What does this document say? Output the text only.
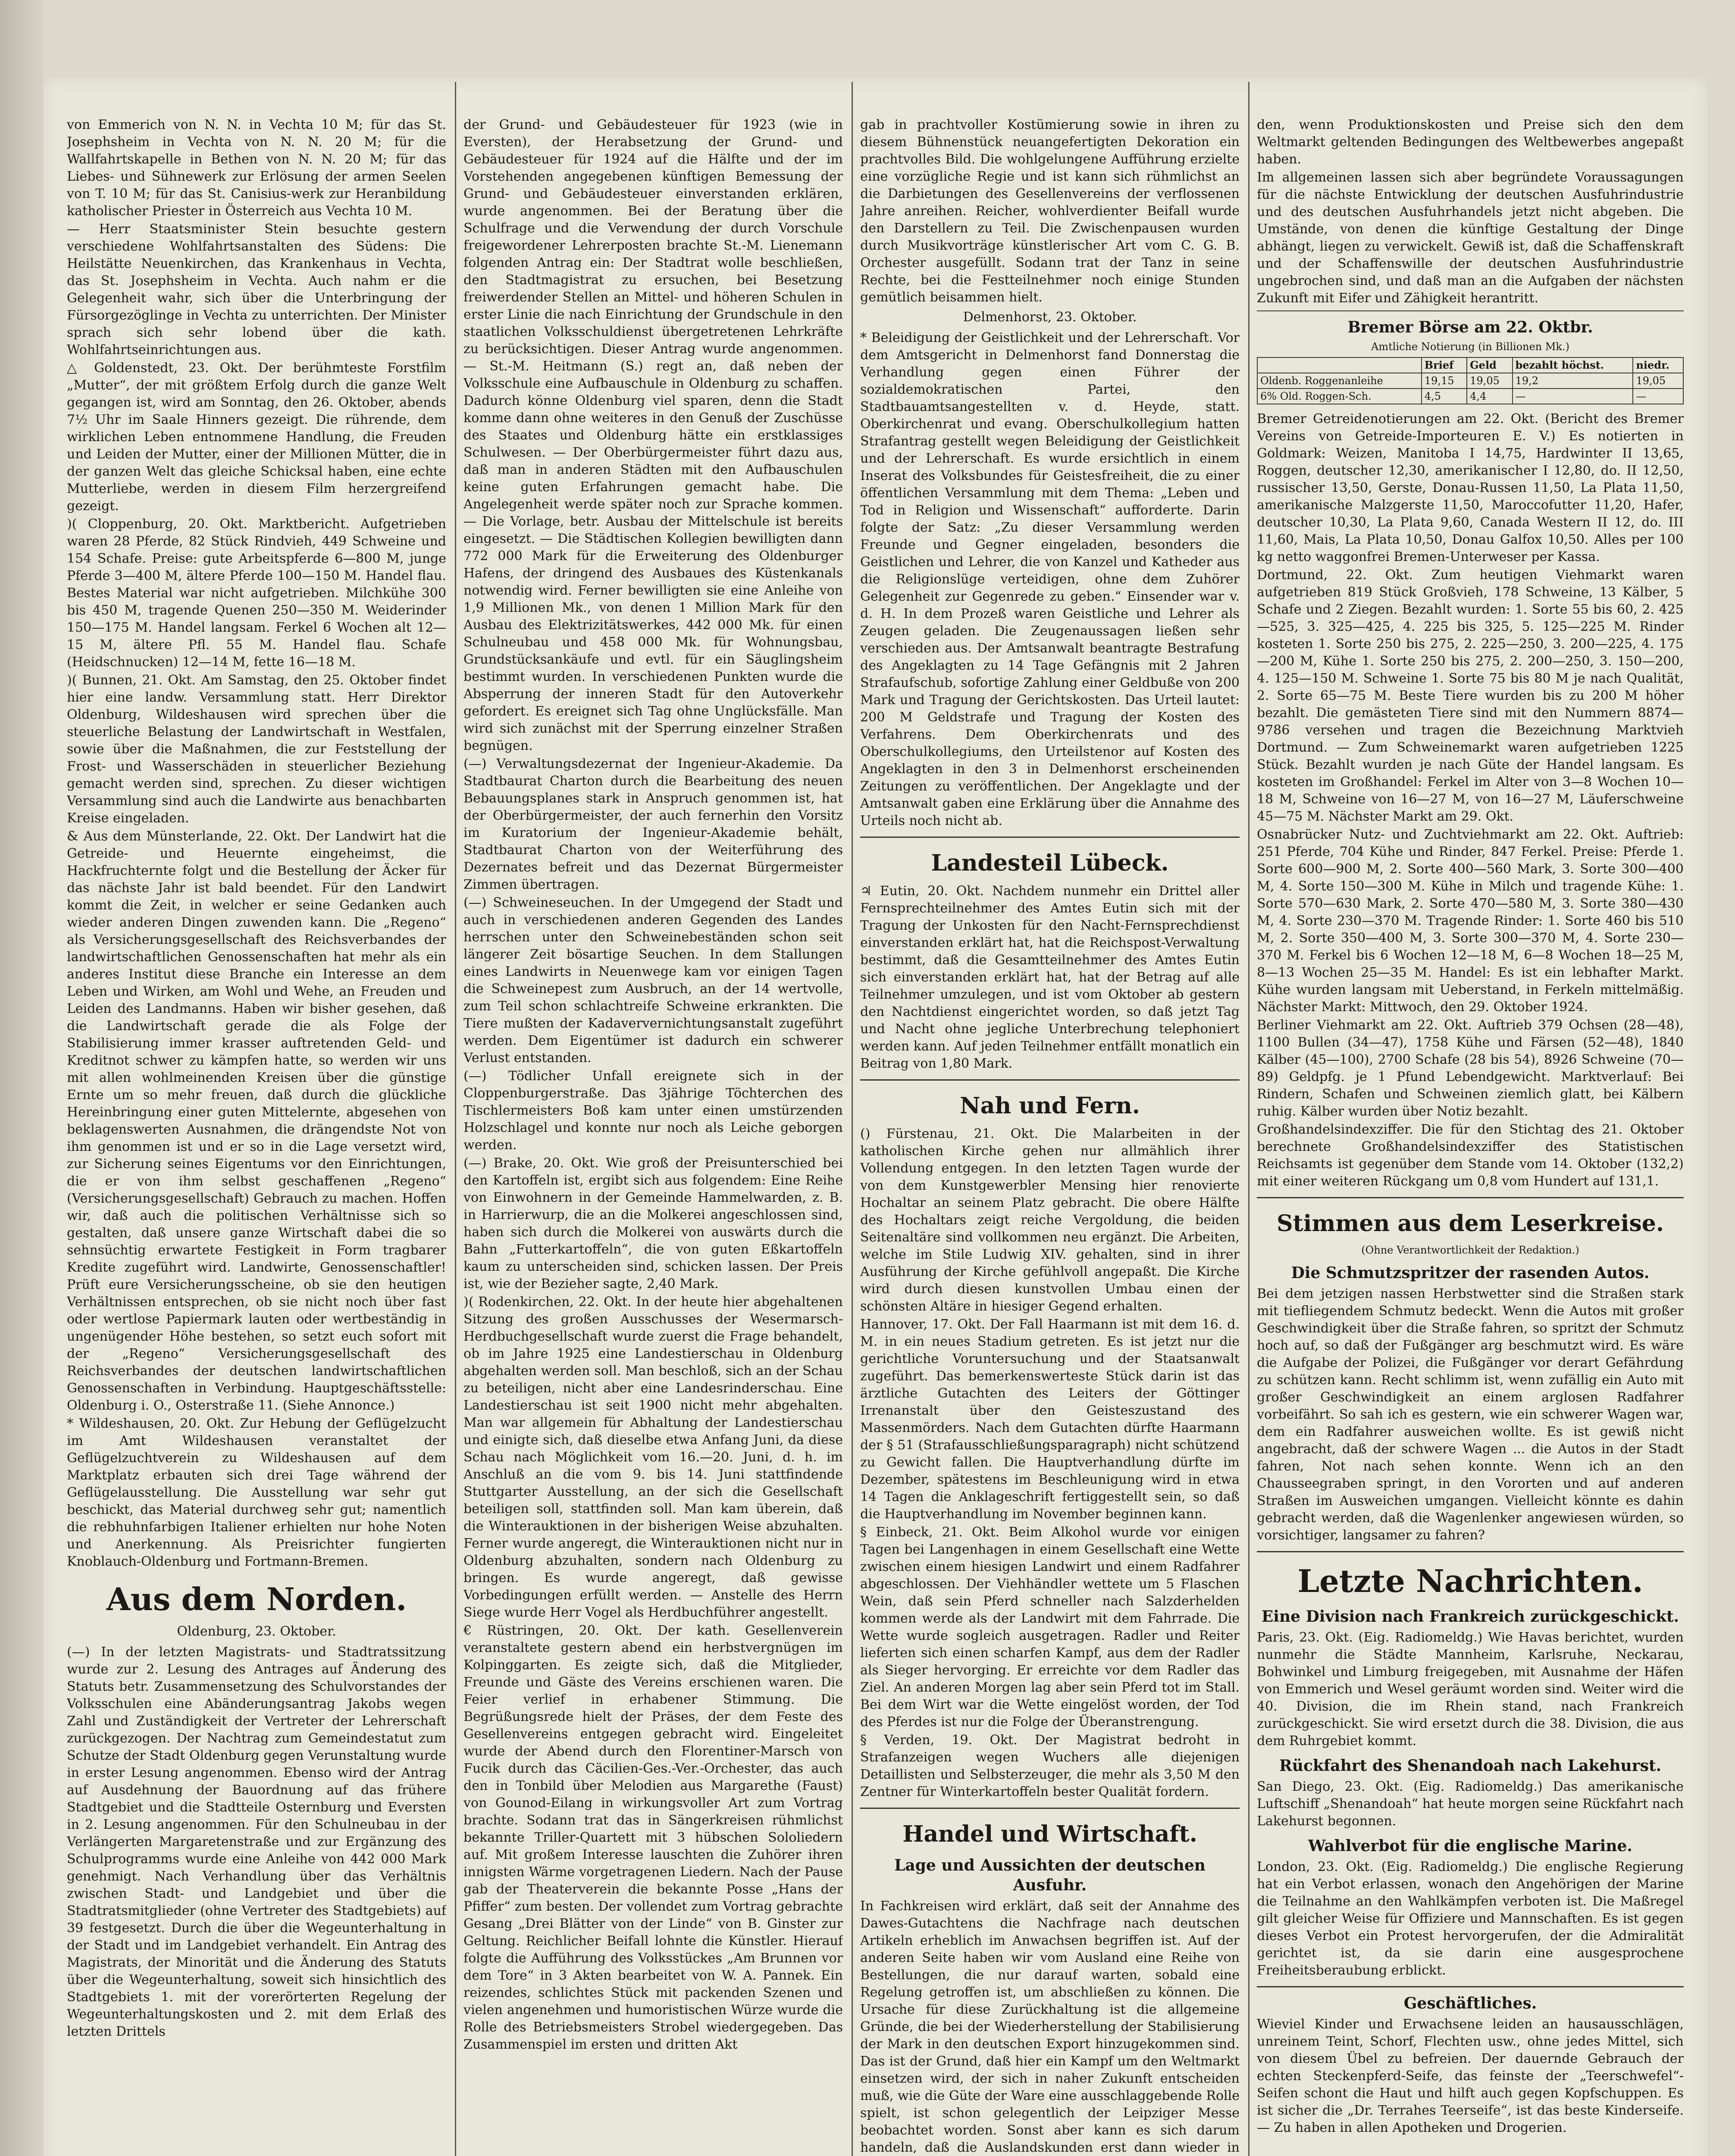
von Emmerich von N. N. in Vechta 10 M; für das St. Josephsheim in Vechta von N. N. 20 M; für die Wallfahrtskapelle in Bethen von N. N. 20 M; für das Liebes- und Sühnewerk zur Erlösung der armen Seelen von T. 10 M; für das St. Canisius-werk zur Heranbildung katholischer Priester in Österreich aus Vechta 10 M.

— Herr Staatsminister Stein besuchte gestern verschiedene Wohlfahrtsanstalten des Südens: Die Heilstätte Neuenkirchen, das Krankenhaus in Vechta, das St. Josephsheim in Vechta. Auch nahm er die Gelegenheit wahr, sich über die Unterbringung der Fürsorgezöglinge in Vechta zu unterrichten. Der Minister sprach sich sehr lobend über die kath. Wohlfahrtseinrichtungen aus.

△ Goldenstedt, 23. Okt. Der berühmteste Forstfilm „Mutter“, der mit größtem Erfolg durch die ganze Welt gegangen ist, wird am Sonntag, den 26. Oktober, abends 7½ Uhr im Saale Hinners gezeigt. Die rührende, dem wirklichen Leben entnommene Handlung, die Freuden und Leiden der Mutter, einer der Millionen Mütter, die in der ganzen Welt das gleiche Schicksal haben, eine echte Mutterliebe, werden in diesem Film herzergreifend gezeigt.

)( Cloppenburg, 20. Okt. Marktbericht. Aufgetrieben waren 28 Pferde, 82 Stück Rindvieh, 449 Schweine und 154 Schafe. Preise: gute Arbeitspferde 6—800 M, junge Pferde 3—400 M, ältere Pferde 100—150 M. Handel flau. Bestes Material war nicht aufgetrieben. Milchkühe 300 bis 450 M, tragende Quenen 250—350 M. Weiderinder 150—175 M. Handel langsam. Ferkel 6 Wochen alt 12—15 M, ältere Pfl. 55 M. Handel flau. Schafe (Heidschnucken) 12—14 M, fette 16—18 M.

)( Bunnen, 21. Okt. Am Samstag, den 25. Oktober findet hier eine landw. Versammlung statt. Herr Direktor Oldenburg, Wildeshausen wird sprechen über die steuerliche Belastung der Landwirtschaft in Westfalen, sowie über die Maßnahmen, die zur Feststellung der Frost- und Wasserschäden in steuerlicher Beziehung gemacht werden sind, sprechen. Zu dieser wichtigen Versammlung sind auch die Landwirte aus benachbarten Kreise eingeladen.

& Aus dem Münsterlande, 22. Okt. Der Landwirt hat die Getreide- und Heuernte eingeheimst, die Hackfruchternte folgt und die Bestellung der Äcker für das nächste Jahr ist bald beendet. Für den Landwirt kommt die Zeit, in welcher er seine Gedanken auch wieder anderen Dingen zuwenden kann. Die „Regeno“ als Versicherungsgesellschaft des Reichsverbandes der landwirtschaftlichen Genossenschaften hat mehr als ein anderes Institut diese Branche ein Interesse an dem Leben und Wirken, am Wohl und Wehe, an Freuden und Leiden des Landmanns. Haben wir bisher gesehen, daß die Landwirtschaft gerade die als Folge der Stabilisierung immer krasser auftretenden Geld- und Kreditnot schwer zu kämpfen hatte, so werden wir uns mit allen wohlmeinenden Kreisen über die günstige Ernte um so mehr freuen, daß durch die glückliche Hereinbringung einer guten Mittelernte, abgesehen von beklagenswerten Ausnahmen, die drängendste Not von ihm genommen ist und er so in die Lage versetzt wird, zur Sicherung seines Eigentums vor den Einrichtungen, die er von ihm selbst geschaffenen „Regeno“ (Versicherungsgesellschaft) Gebrauch zu machen. Hoffen wir, daß auch die politischen Verhältnisse sich so gestalten, daß unsere ganze Wirtschaft dabei die so sehnsüchtig erwartete Festigkeit in Form tragbarer Kredite zugeführt wird. Landwirte, Genossenschaftler! Prüft eure Versicherungsscheine, ob sie den heutigen Verhältnissen entsprechen, ob sie nicht noch über fast oder wertlose Papiermark lauten oder wertbeständig in ungenügender Höhe bestehen, so setzt euch sofort mit der „Regeno“ Versicherungsgesellschaft des Reichsverbandes der deutschen landwirtschaftlichen Genossenschaften in Verbindung. Hauptgeschäftsstelle: Oldenburg i. O., Osterstraße 11. (Siehe Annonce.)

* Wildeshausen, 20. Okt. Zur Hebung der Geflügelzucht im Amt Wildeshausen veranstaltet der Geflügelzuchtverein zu Wildeshausen auf dem Marktplatz erbauten sich drei Tage während der Geflügelausstellung. Die Ausstellung war sehr gut beschickt, das Material durchweg sehr gut; namentlich die rebhuhnfarbigen Italiener erhielten nur hohe Noten und Anerkennung. Als Preisrichter fungierten Knoblauch-Oldenburg und Fortmann-Bremen.

Aus dem Norden.
Oldenburg, 23. Oktober.

(—) In der letzten Magistrats- und Stadtratssitzung wurde zur 2. Lesung des Antrages auf Änderung des Statuts betr. Zusammensetzung des Schulvorstandes der Volksschulen eine Abänderungsantrag Jakobs wegen Zahl und Zuständigkeit der Vertreter der Lehrerschaft zurückgezogen. Der Nachtrag zum Gemeindestatut zum Schutze der Stadt Oldenburg gegen Verunstaltung wurde in erster Lesung angenommen. Ebenso wird der Antrag auf Ausdehnung der Bauordnung auf das frühere Stadtgebiet und die Stadtteile Osternburg und Eversten in 2. Lesung angenommen. Für den Schulneubau in der Verlängerten Margaretenstraße und zur Ergänzung des Schulprogramms wurde eine Anleihe von 442 000 Mark genehmigt. Nach Verhandlung über das Verhältnis zwischen Stadt- und Landgebiet und über die Stadtratsmitglieder (ohne Vertreter des Stadtgebiets) auf 39 festgesetzt. Durch die über die Wegeunterhaltung in der Stadt und im Landgebiet verhandelt. Ein Antrag des Magistrats, der Minorität und die Änderung des Statuts über die Wegeunterhaltung, soweit sich hinsichtlich des Stadtgebiets 1. mit der vorerörterten Regelung der Wegeunterhaltungskosten und 2. mit dem Erlaß des letzten Drittels

der Grund- und Gebäudesteuer für 1923 (wie in Eversten), der Herabsetzung der Grund- und Gebäudesteuer für 1924 auf die Hälfte und der im Vorstehenden angegebenen künftigen Bemessung der Grund- und Gebäudesteuer einverstanden erklären, wurde angenommen. Bei der Beratung über die Schulfrage und die Verwendung der durch Vorschule freigewordener Lehrerposten brachte St.-M. Lienemann folgenden Antrag ein: Der Stadtrat wolle beschließen, den Stadtmagistrat zu ersuchen, bei Besetzung freiwerdender Stellen an Mittel- und höheren Schulen in erster Linie die nach Einrichtung der Grundschule in den staatlichen Volksschuldienst übergetretenen Lehrkräfte zu berücksichtigen. Dieser Antrag wurde angenommen. — St.-M. Heitmann (S.) regt an, daß neben der Volksschule eine Aufbauschule in Oldenburg zu schaffen. Dadurch könne Oldenburg viel sparen, denn die Stadt komme dann ohne weiteres in den Genuß der Zuschüsse des Staates und Oldenburg hätte ein erstklassiges Schulwesen. — Der Oberbürgermeister führt dazu aus, daß man in anderen Städten mit den Aufbauschulen keine guten Erfahrungen gemacht habe. Die Angelegenheit werde später noch zur Sprache kommen. — Die Vorlage, betr. Ausbau der Mittelschule ist bereits eingesetzt. — Die Städtischen Kollegien bewilligten dann 772 000 Mark für die Erweiterung des Oldenburger Hafens, der dringend des Ausbaues des Küstenkanals notwendig wird. Ferner bewilligten sie eine Anleihe von 1,9 Millionen Mk., von denen 1 Million Mark für den Ausbau des Elektrizitätswerkes, 442 000 Mk. für einen Schulneubau und 458 000 Mk. für Wohnungsbau, Grundstücksankäufe und evtl. für ein Säuglingsheim bestimmt wurden. In verschiedenen Punkten wurde die Absperrung der inneren Stadt für den Autoverkehr gefordert. Es ereignet sich Tag ohne Unglücksfälle. Man wird sich zunächst mit der Sperrung einzelner Straßen begnügen.

(—) Verwaltungsdezernat der Ingenieur-Akademie. Da Stadtbaurat Charton durch die Bearbeitung des neuen Bebauungsplanes stark in Anspruch genommen ist, hat der Oberbürgermeister, der auch fernerhin den Vorsitz im Kuratorium der Ingenieur-Akademie behält, Stadtbaurat Charton von der Weiterführung des Dezernates befreit und das Dezernat Bürgermeister Zimmen übertragen.

(—) Schweineseuchen. In der Umgegend der Stadt und auch in verschiedenen anderen Gegenden des Landes herrschen unter den Schweinebeständen schon seit längerer Zeit bösartige Seuchen. In dem Stallungen eines Landwirts in Neuenwege kam vor einigen Tagen die Schweinepest zum Ausbruch, an der 14 wertvolle, zum Teil schon schlachtreife Schweine erkrankten. Die Tiere mußten der Kadaververnichtungsanstalt zugeführt werden. Dem Eigentümer ist dadurch ein schwerer Verlust entstanden.

(—) Tödlicher Unfall ereignete sich in der Cloppenburgerstraße. Das 3jährige Töchterchen des Tischlermeisters Boß kam unter einen umstürzenden Holzschlagel und konnte nur noch als Leiche geborgen werden.

(—) Brake, 20. Okt. Wie groß der Preisunterschied bei den Kartoffeln ist, ergibt sich aus folgendem: Eine Reihe von Einwohnern in der Gemeinde Hammelwarden, z. B. in Harrierwurp, die an die Molkerei angeschlossen sind, haben sich durch die Molkerei von auswärts durch die Bahn „Futterkartoffeln“, die von guten Eßkartoffeln kaum zu unterscheiden sind, schicken lassen. Der Preis ist, wie der Bezieher sagte, 2,40 Mark.

)( Rodenkirchen, 22. Okt. In der heute hier abgehaltenen Sitzung des großen Ausschusses der Wesermarsch-Herdbuchgesellschaft wurde zuerst die Frage behandelt, ob im Jahre 1925 eine Landestierschau in Oldenburg abgehalten werden soll. Man beschloß, sich an der Schau zu beteiligen, nicht aber eine Landesrinderschau. Eine Landestierschau ist seit 1900 nicht mehr abgehalten. Man war allgemein für Abhaltung der Landestierschau und einigte sich, daß dieselbe etwa Anfang Juni, da diese Schau nach Möglichkeit vom 16.—20. Juni, d. h. im Anschluß an die vom 9. bis 14. Juni stattfindende Stuttgarter Ausstellung, an der sich die Gesellschaft beteiligen soll, stattfinden soll. Man kam überein, daß die Winterauktionen in der bisherigen Weise abzuhalten. Ferner wurde angeregt, die Winterauktionen nicht nur in Oldenburg abzuhalten, sondern nach Oldenburg zu bringen. Es wurde angeregt, daß gewisse Vorbedingungen erfüllt werden. — Anstelle des Herrn Siege wurde Herr Vogel als Herdbuchführer angestellt.

€ Rüstringen, 20. Okt. Der kath. Gesellenverein veranstaltete gestern abend ein herbstvergnügen im Kolpinggarten. Es zeigte sich, daß die Mitglieder, Freunde und Gäste des Vereins erschienen waren. Die Feier verlief in erhabener Stimmung. Die Begrüßungsrede hielt der Präses, der dem Feste des Gesellenvereins entgegen gebracht wird. Eingeleitet wurde der Abend durch den Florentiner-Marsch von Fucik durch das Cäcilien-Ges.-Ver.-Orchester, das auch den in Tonbild über Melodien aus Margarethe (Faust) von Gounod-Eilang in wirkungsvoller Art zum Vortrag brachte. Sodann trat das in Sängerkreisen rühmlichst bekannte Triller-Quartett mit 3 hübschen Sololiedern auf. Mit großem Interesse lauschten die Zuhörer ihren innigsten Wärme vorgetragenen Liedern. Nach der Pause gab der Theaterverein die bekannte Posse „Hans der Pfiffer“ zum besten. Der vollendet zum Vortrag gebrachte Gesang „Drei Blätter von der Linde“ von B. Ginster zur Geltung. Reichlicher Beifall lohnte die Künstler. Hierauf folgte die Aufführung des Volksstückes „Am Brunnen vor dem Tore“ in 3 Akten bearbeitet von W. A. Pannek. Ein reizendes, schlichtes Stück mit packenden Szenen und vielen angenehmen und humoristischen Würze wurde die Rolle des Betriebsmeisters Strobel wiedergegeben. Das Zusammenspiel im ersten und dritten Akt

gab in prachtvoller Kostümierung sowie in ihren zu diesem Bühnenstück neuangefertigten Dekoration ein prachtvolles Bild. Die wohlgelungene Aufführung erzielte eine vorzügliche Regie und ist kann sich rühmlichst an die Darbietungen des Gesellenvereins der verflossenen Jahre anreihen. Reicher, wohlverdienter Beifall wurde den Darstellern zu Teil. Die Zwischenpausen wurden durch Musikvorträge künstlerischer Art vom C. G. B. Orchester ausgefüllt. Sodann trat der Tanz in seine Rechte, bei die Festteilnehmer noch einige Stunden gemütlich beisammen hielt.

Delmenhorst, 23. Oktober.

* Beleidigung der Geistlichkeit und der Lehrerschaft. Vor dem Amtsgericht in Delmenhorst fand Donnerstag die Verhandlung gegen einen Führer der sozialdemokratischen Partei, den Stadtbauamtsangestellten v. d. Heyde, statt. Oberkirchenrat und evang. Oberschulkollegium hatten Strafantrag gestellt wegen Beleidigung der Geistlichkeit und der Lehrerschaft. Es wurde ersichtlich in einem Inserat des Volksbundes für Geistesfreiheit, die zu einer öffentlichen Versammlung mit dem Thema: „Leben und Tod in Religion und Wissenschaft“ aufforderte. Darin folgte der Satz: „Zu dieser Versammlung werden Freunde und Gegner eingeladen, besonders die Geistlichen und Lehrer, die von Kanzel und Katheder aus die Religionslüge verteidigen, ohne dem Zuhörer Gelegenheit zur Gegenrede zu geben.“ Einsender war v. d. H. In dem Prozeß waren Geistliche und Lehrer als Zeugen geladen. Die Zeugenaussagen ließen sehr verschieden aus. Der Amtsanwalt beantragte Bestrafung des Angeklagten zu 14 Tage Gefängnis mit 2 Jahren Strafaufschub, sofortige Zahlung einer Geldbuße von 200 Mark und Tragung der Gerichtskosten. Das Urteil lautet: 200 M Geldstrafe und Tragung der Kosten des Verfahrens. Dem Oberkirchenrats und des Oberschulkollegiums, den Urteilstenor auf Kosten des Angeklagten in den 3 in Delmenhorst erscheinenden Zeitungen zu veröffentlichen. Der Angeklagte und der Amtsanwalt gaben eine Erklärung über die Annahme des Urteils noch nicht ab.

Landesteil Lübeck.

♃ Eutin, 20. Okt. Nachdem nunmehr ein Drittel aller Fernsprechteilnehmer des Amtes Eutin sich mit der Tragung der Unkosten für den Nacht-Fernsprechdienst einverstanden erklärt hat, hat die Reichspost-Verwaltung bestimmt, daß die Gesamtteilnehmer des Amtes Eutin sich einverstanden erklärt hat, hat der Betrag auf alle Teilnehmer umzulegen, und ist vom Oktober ab gestern den Nachtdienst eingerichtet worden, so daß jetzt Tag und Nacht ohne jegliche Unterbrechung telephoniert werden kann. Auf jeden Teilnehmer entfällt monatlich ein Beitrag von 1,80 Mark.

Nah und Fern.

() Fürstenau, 21. Okt. Die Malarbeiten in der katholischen Kirche gehen nur allmählich ihrer Vollendung entgegen. In den letzten Tagen wurde der von dem Kunstgewerbler Mensing hier renovierte Hochaltar an seinem Platz gebracht. Die obere Hälfte des Hochaltars zeigt reiche Vergoldung, die beiden Seitenaltäre sind vollkommen neu ergänzt. Die Arbeiten, welche im Stile Ludwig XIV. gehalten, sind in ihrer Ausführung der Kirche gefühlvoll angepaßt. Die Kirche wird durch diesen kunstvollen Umbau einen der schönsten Altäre in hiesiger Gegend erhalten.

Hannover, 17. Okt. Der Fall Haarmann ist mit dem 16. d. M. in ein neues Stadium getreten. Es ist jetzt nur die gerichtliche Voruntersuchung und der Staatsanwalt zugeführt. Das bemerkenswerteste Stück darin ist das ärztliche Gutachten des Leiters der Göttinger Irrenanstalt über den Geisteszustand des Massenmörders. Nach dem Gutachten dürfte Haarmann der § 51 (Strafausschließungsparagraph) nicht schützend zu Gewicht fallen. Die Hauptverhandlung dürfte im Dezember, spätestens im Beschleunigung wird in etwa 14 Tagen die Anklageschrift fertiggestellt sein, so daß die Hauptverhandlung im November beginnen kann.

§ Einbeck, 21. Okt. Beim Alkohol wurde vor einigen Tagen bei Langenhagen in einem Gesellschaft eine Wette zwischen einem hiesigen Landwirt und einem Radfahrer abgeschlossen. Der Viehhändler wettete um 5 Flaschen Wein, daß sein Pferd schneller nach Salzderhelden kommen werde als der Landwirt mit dem Fahrrade. Die Wette wurde sogleich ausgetragen. Radler und Reiter lieferten sich einen scharfen Kampf, aus dem der Radler als Sieger hervorging. Er erreichte vor dem Radler das Ziel. An anderen Morgen lag aber sein Pferd tot im Stall. Bei dem Wirt war die Wette eingelöst worden, der Tod des Pferdes ist nur die Folge der Überanstrengung.

§ Verden, 19. Okt. Der Magistrat bedroht in Strafanzeigen wegen Wuchers alle diejenigen Detaillisten und Selbsterzeuger, die mehr als 3,50 M den Zentner für Winterkartoffeln bester Qualität fordern.

Handel und Wirtschaft.
Lage und Aussichten der deutschen Ausfuhr.

In Fachkreisen wird erklärt, daß seit der Annahme des Dawes-Gutachtens die Nachfrage nach deutschen Artikeln erheblich im Anwachsen begriffen ist. Auf der anderen Seite haben wir vom Ausland eine Reihe von Bestellungen, die nur darauf warten, sobald eine Regelung getroffen ist, um abschließen zu können. Die Ursache für diese Zurückhaltung ist die allgemeine Gründe, die bei der Wiederherstellung der Stabilisierung der Mark in den deutschen Export hinzugekommen sind. Das ist der Grund, daß hier ein Kampf um den Weltmarkt einsetzen wird, der sich in naher Zukunft entscheiden muß, wie die Güte der Ware eine ausschlaggebende Rolle spielt, ist schon gelegentlich der Leipziger Messe beobachtet worden. Sonst aber kann es sich darum handeln, daß die Auslandskunden erst dann wieder in

den, wenn Produktionskosten und Preise sich den dem Weltmarkt geltenden Bedingungen des Weltbewerbes angepaßt haben.

Im allgemeinen lassen sich aber begründete Voraussagungen für die nächste Entwicklung der deutschen Ausfuhrindustrie und des deutschen Ausfuhrhandels jetzt nicht abgeben. Die Umstände, von denen die künftige Gestaltung der Dinge abhängt, liegen zu verwickelt. Gewiß ist, daß die Schaffenskraft und der Schaffenswille der deutschen Ausfuhrindustrie ungebrochen sind, und daß man an die Aufgaben der nächsten Zukunft mit Eifer und Zähigkeit herantritt.

Bremer Börse am 22. Oktbr.
Amtliche Notierung (in Billionen Mk.)
	Brief	Geld	bezahlt höchst.	niedr.
Oldenb. Roggenanleihe	19,15	19,05	19,2	19,05
6% Old. Roggen-Sch.	4,5	4,4	—	—

Bremer Getreidenotierungen am 22. Okt. (Bericht des Bremer Vereins von Getreide-Importeuren E. V.) Es notierten in Goldmark: Weizen, Manitoba I 14,75, Hardwinter II 13,65, Roggen, deutscher 12,30, amerikanischer I 12,80, do. II 12,50, russischer 13,50, Gerste, Donau-Russen 11,50, La Plata 11,50, amerikanische Malzgerste 11,50, Maroccofutter 11,20, Hafer, deutscher 10,30, La Plata 9,60, Canada Western II 12, do. III 11,60, Mais, La Plata 10,50, Donau Galfox 10,50. Alles per 100 kg netto waggonfrei Bremen-Unterweser per Kassa.

Dortmund, 22. Okt. Zum heutigen Viehmarkt waren aufgetrieben 819 Stück Großvieh, 178 Schweine, 13 Kälber, 5 Schafe und 2 Ziegen. Bezahlt wurden: 1. Sorte 55 bis 60, 2. 425—525, 3. 325—425, 4. 225 bis 325, 5. 125—225 M. Rinder kosteten 1. Sorte 250 bis 275, 2. 225—250, 3. 200—225, 4. 175—200 M, Kühe 1. Sorte 250 bis 275, 2. 200—250, 3. 150—200, 4. 125—150 M. Schweine 1. Sorte 75 bis 80 M je nach Qualität, 2. Sorte 65—75 M. Beste Tiere wurden bis zu 200 M höher bezahlt. Die gemästeten Tiere sind mit den Nummern 8874—9786 versehen und tragen die Bezeichnung Marktvieh Dortmund. — Zum Schweinemarkt waren aufgetrieben 1225 Stück. Bezahlt wurden je nach Güte der Handel langsam. Es kosteten im Großhandel: Ferkel im Alter von 3—8 Wochen 10—18 M, Schweine von 16—27 M, von 16—27 M, Läuferschweine 45—75 M. Nächster Markt am 29. Okt.

Osnabrücker Nutz- und Zuchtviehmarkt am 22. Okt. Auftrieb: 251 Pferde, 704 Kühe und Rinder, 847 Ferkel. Preise: Pferde 1. Sorte 600—900 M, 2. Sorte 400—560 Mark, 3. Sorte 300—400 M, 4. Sorte 150—300 M. Kühe in Milch und tragende Kühe: 1. Sorte 570—630 Mark, 2. Sorte 470—580 M, 3. Sorte 380—430 M, 4. Sorte 230—370 M. Tragende Rinder: 1. Sorte 460 bis 510 M, 2. Sorte 350—400 M, 3. Sorte 300—370 M, 4. Sorte 230—370 M. Ferkel bis 6 Wochen 12—18 M, 6—8 Wochen 18—25 M, 8—13 Wochen 25—35 M. Handel: Es ist ein lebhafter Markt. Kühe wurden langsam mit Ueberstand, in Ferkeln mittelmäßig. Nächster Markt: Mittwoch, den 29. Oktober 1924.

Berliner Viehmarkt am 22. Okt. Auftrieb 379 Ochsen (28—48), 1100 Bullen (34—47), 1758 Kühe und Färsen (52—48), 1840 Kälber (45—100), 2700 Schafe (28 bis 54), 8926 Schweine (70—89) Geldpfg. je 1 Pfund Lebendgewicht. Marktverlauf: Bei Rindern, Schafen und Schweinen ziemlich glatt, bei Kälbern ruhig. Kälber wurden über Notiz bezahlt.

Großhandelsindexziffer. Die für den Stichtag des 21. Oktober berechnete Großhandelsindexziffer des Statistischen Reichsamts ist gegenüber dem Stande vom 14. Oktober (132,2) mit einer weiteren Rückgang um 0,8 vom Hundert auf 131,1.

Stimmen aus dem Leserkreise.
(Ohne Verantwortlichkeit der Redaktion.)
Die Schmutzspritzer der rasenden Autos.

Bei dem jetzigen nassen Herbstwetter sind die Straßen stark mit tiefliegendem Schmutz bedeckt. Wenn die Autos mit großer Geschwindigkeit über die Straße fahren, so spritzt der Schmutz hoch auf, so daß der Fußgänger arg beschmutzt wird. Es wäre die Aufgabe der Polizei, die Fußgänger vor derart Gefährdung zu schützen kann. Recht schlimm ist, wenn zufällig ein Auto mit großer Geschwindigkeit an einem arglosen Radfahrer vorbeifährt. So sah ich es gestern, wie ein schwerer Wagen war, dem ein Radfahrer ausweichen wollte. Es ist gewiß nicht angebracht, daß der schwere Wagen ... die Autos in der Stadt fahren, Not nach sehen konnte. Wenn ich an den Chausseegraben springt, in den Vororten und auf anderen Straßen im Ausweichen umgangen. Vielleicht könnte es dahin gebracht werden, daß die Wagenlenker angewiesen würden, so vorsichtiger, langsamer zu fahren?

Letzte Nachrichten.
Eine Division nach Frankreich zurückgeschickt.

Paris, 23. Okt. (Eig. Radiomeldg.) Wie Havas berichtet, wurden nunmehr die Städte Mannheim, Karlsruhe, Neckarau, Bohwinkel und Limburg freigegeben, mit Ausnahme der Häfen von Emmerich und Wesel geräumt worden sind. Weiter wird die 40. Division, die im Rhein stand, nach Frankreich zurückgeschickt. Sie wird ersetzt durch die 38. Division, die aus dem Ruhrgebiet kommt.

Rückfahrt des Shenandoah nach Lakehurst.

San Diego, 23. Okt. (Eig. Radiomeldg.) Das amerikanische Luftschiff „Shenandoah“ hat heute morgen seine Rückfahrt nach Lakehurst begonnen.

Wahlverbot für die englische Marine.

London, 23. Okt. (Eig. Radiomeldg.) Die englische Regierung hat ein Verbot erlassen, wonach den Angehörigen der Marine die Teilnahme an den Wahlkämpfen verboten ist. Die Maßregel gilt gleicher Weise für Offiziere und Mannschaften. Es ist gegen dieses Verbot ein Protest hervorgerufen, der die Admiralität gerichtet ist, da sie darin eine ausgesprochene Freiheitsberaubung erblickt.

Geschäftliches.

Wieviel Kinder und Erwachsene leiden an hausausschlägen, unreinem Teint, Schorf, Flechten usw., ohne jedes Mittel, sich von diesem Übel zu befreien. Der dauernde Gebrauch der echten Steckenpferd-Seife, das feinste der „Teerschwefel“-Seifen schont die Haut und hilft auch gegen Kopfschuppen. Es ist sicher die „Dr. Terrahes Teerseife“, ist das beste Kinderseife. — Zu haben in allen Apotheken und Drogerien.
